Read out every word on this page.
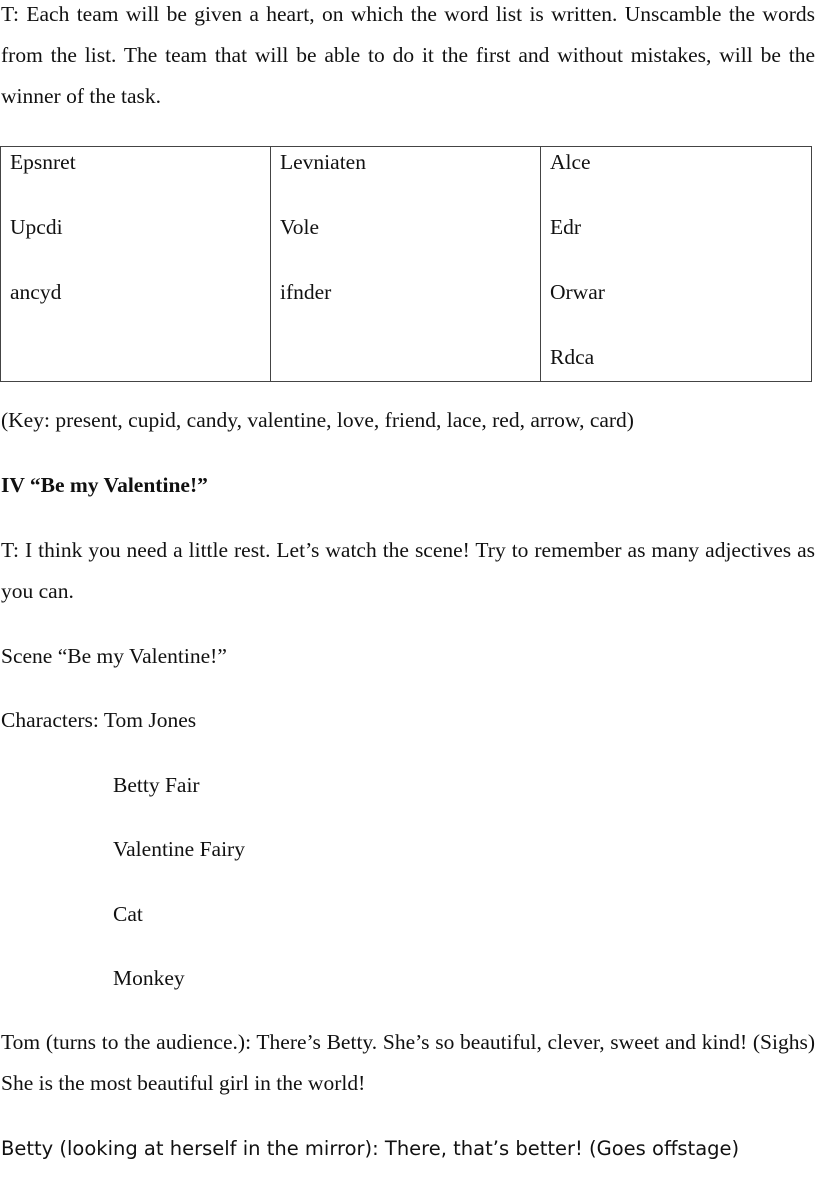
T: Each team will be given a heart, on which the word list is written. Unscamble the words from the list. The team that will be able to do it the first and without mistakes, will be the winner of the task.

Epsnret
Upcdi
ancyd

Levniaten
Vole
ifnder

Alce
Edr
Orwar
Rdca

(Key: present, cupid, candy, valentine, love, friend, lace, red, arrow, card)

IV “Be my Valentine!”

T: I think you need a little rest. Let’s watch the scene! Try to remember as many adjectives as you can.

Scene “Be my Valentine!”

Characters: Tom Jones

Betty Fair

Valentine Fairy

Cat

Monkey

Tom (turns to the audience.): There’s Betty. She’s so beautiful, clever, sweet and kind! (Sighs) She is the most beautiful girl in the world!

Betty (looking at herself in the mirror): There, that’s better! (Goes offstage)
